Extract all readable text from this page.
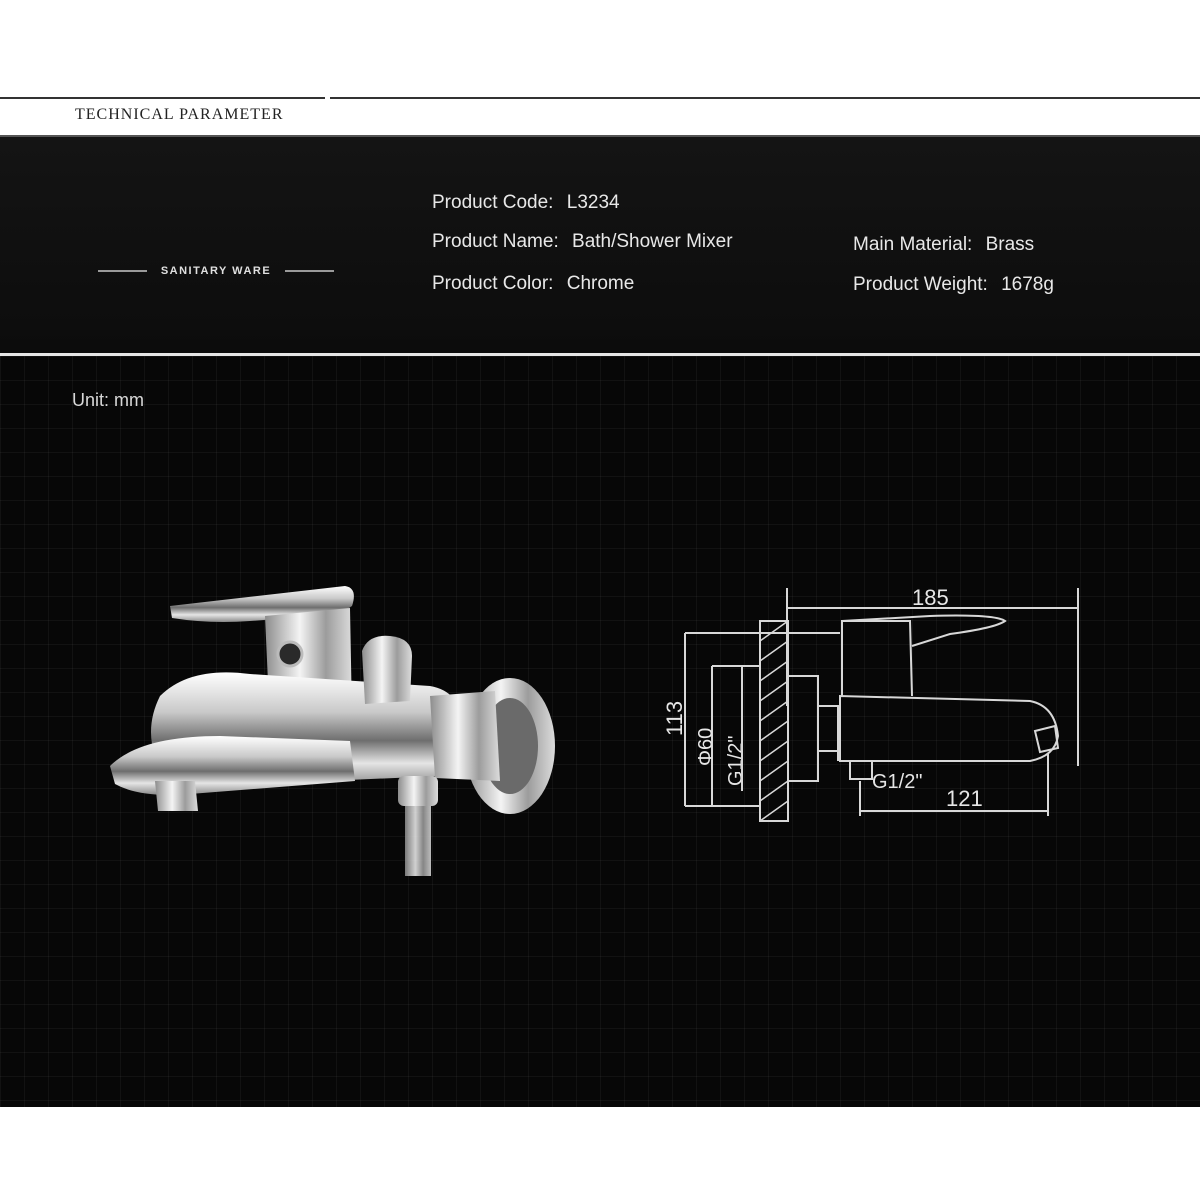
TECHNICAL PARAMETER
SANITARY WARE
Product Code: L3234
Product Name: Bath/Shower Mixer
Product Color: Chrome
Main Material: Brass
Product Weight: 1678g
Unit: mm
185
113
Φ60 G1/2"	G1/2"
121
